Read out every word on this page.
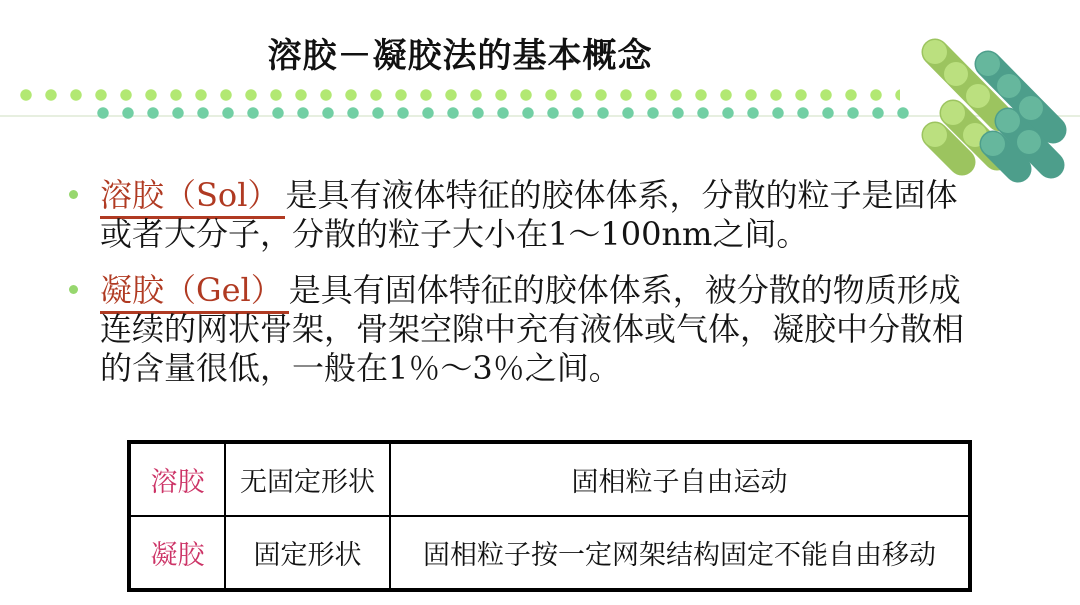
溶胶－凝胶法的基本概念
溶胶（Sol） 是具有液体特征的胶体体系，分散的粒子是固体
或者大分子，分散的粒子大小在1～100nm之间。
凝胶（Gel） 是具有固体特征的胶体体系，被分散的物质形成
连续的网状骨架，骨架空隙中充有液体或气体，凝胶中分散相
的含量很低，一般在1％～3％之间。
溶胶	无固定形状	固相粒子自由运动
凝胶	固定形状	固相粒子按一定网架结构固定不能自由移动
